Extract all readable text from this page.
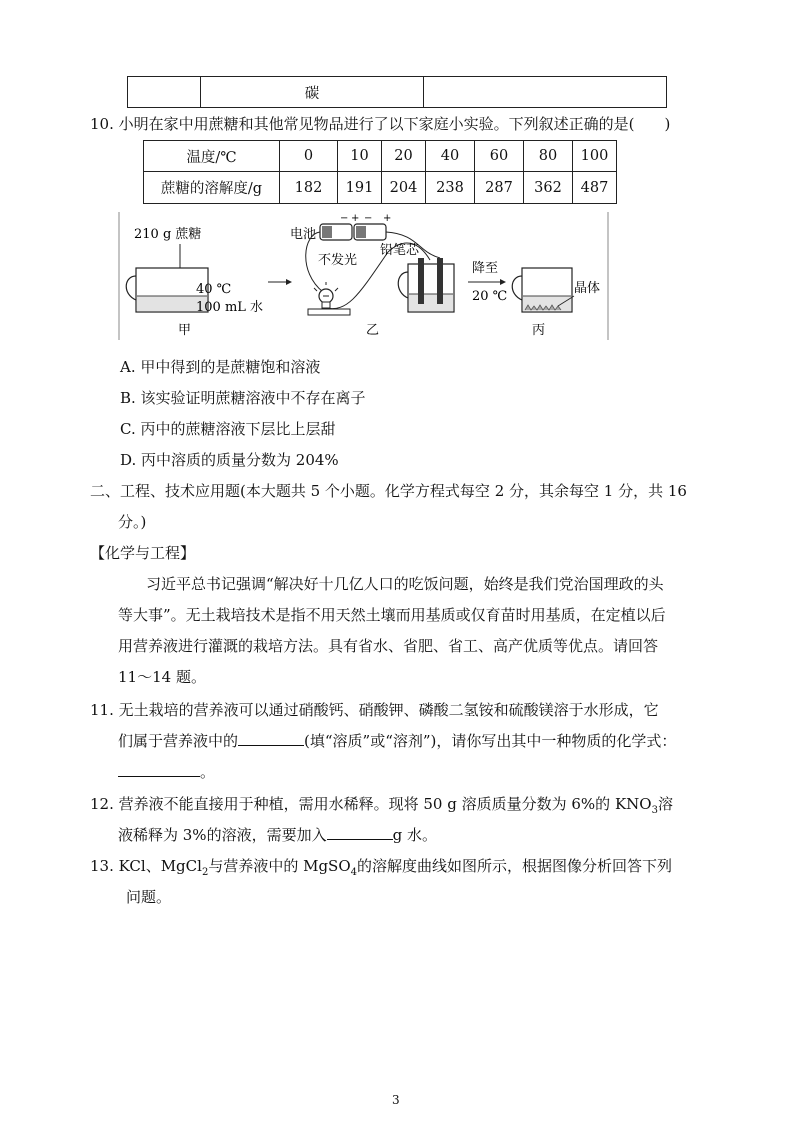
	碳	
10. 小明在家中用蔗糖和其他常见物品进行了以下家庭小实验。下列叙述正确的是(　　)
温度/℃	0	10	20	40	60	80	100
蔗糖的溶解度/g	182	191	204	238	287	362	487
210 g 蔗糖
40 ℃
100 mL 水
甲
电池
− + − +
不发光
铅笔芯
乙
降至
20 ℃
晶体
丙
A. 甲中得到的是蔗糖饱和溶液
B. 该实验证明蔗糖溶液中不存在离子
C. 丙中的蔗糖溶液下层比上层甜
D. 丙中溶质的质量分数为 204%
二、工程、技术应用题(本大题共 5 个小题。化学方程式每空 2 分，其余每空 1 分，共 16
分。)
【化学与工程】
习近平总书记强调“解决好十几亿人口的吃饭问题，始终是我们党治国理政的头
等大事”。无土栽培技术是指不用天然土壤而用基质或仅育苗时用基质，在定植以后
用营养液进行灌溉的栽培方法。具有省水、省肥、省工、高产优质等优点。请回答
11～14 题。
11. 无土栽培的营养液可以通过硝酸钙、硝酸钾、磷酸二氢铵和硫酸镁溶于水形成，它
们属于营养液中的	(填“溶质”或“溶剂”)，请你写出其中一种物质的化学式：
。
12. 营养液不能直接用于种植，需用水稀释。现将 50 g 溶质质量分数为 6%的 $KNO_3$溶
液稀释为 3%的溶液，需要加入	g 水。
13. KCl、MgCl$_2$与营养液中的 MgSO$_4$的溶解度曲线如图所示，根据图像分析回答下列
问题。
3
